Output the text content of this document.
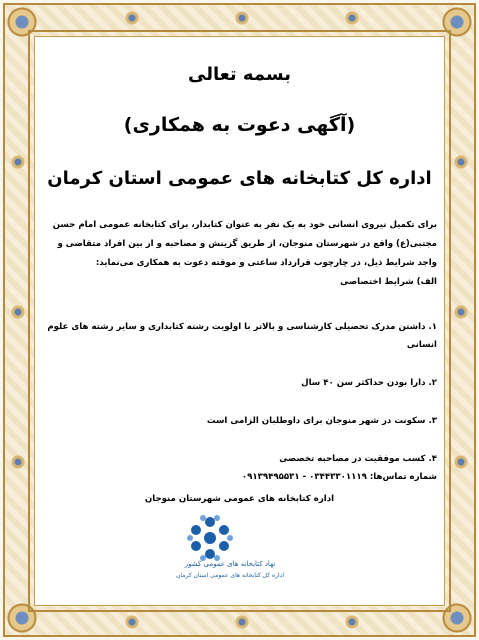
بسمه تعالی
(آگهی دعوت به همکاری)
اداره کل کتابخانه های عمومی استان کرمان
برای تکمیل نیروی انسانی خود به یک نفر به عنوان کتابدار، برای کتابخانه عمومی امام حسن
مجتبی(ع) واقع در شهرستان منوجان، از طریق گزینش و مصاحبه و از بین افراد متقاضی و
واجد شرایط ذیل، در چارچوب قرارداد ساعتی و موقته دعوت به همکاری می‌نماید:
الف) شرایط اختصاصی
۱. داشتن مدرک تحصیلی کارشناسی و بالاتر با اولویت رشته کتابداری و سایر رشته های علوم
انسانی
۲. دارا بودن حداکثر سن ۴۰ سال
۳. سکونت در شهر منوجان برای داوطلبان الزامی است
۴. کسب موفقیت در مصاحبه تخصصی
شماره تماس‌ها: ۰۳۴۴۳۳۰۱۱۱۹ - ۰۹۱۳۹۴۹۵۵۳۱
اداره کتابخانه های عمومی شهرستان منوجان
نهاد کتابخانه های عمومی کشور
اداره کل کتابخانه های عمومی استان کرمان
